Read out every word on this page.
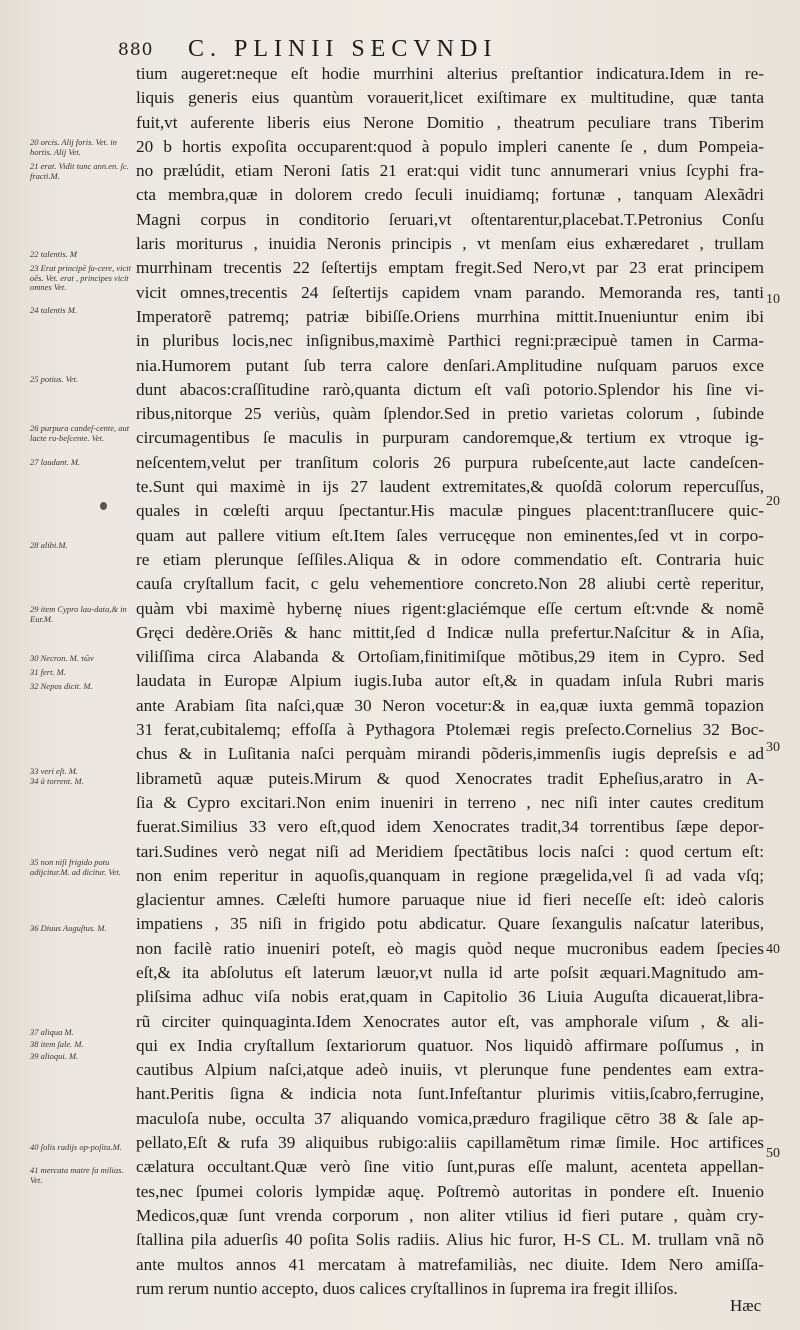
880 C. PLINII SECVNDI
tium augeret:neque eſt hodie murrhini alterius preſtantior indicatura.Idem in re-
liquis generis eius quantùm vorauerit,licet exiſtimare ex multitudine, quæ tanta
fuit,vt auferente liberis eius Nerone Domitio , theatrum peculiare trans Tiberim
20 b hortis expoſita occuparent:quod à populo impleri canente ſe , dum Pompeia-
no prælúdit, etiam Neroni ſatis 21 erat:qui vidit tunc annumerari vnius ſcyphi fra-
cta membra,quæ in dolorem credo ſeculi inuidiamq; fortunæ , tanquam Alexãdri
Magni corpus in conditorio ſeruari,vt oſtentarentur,placebat.T.Petronius Conſu
laris moriturus , inuidia Neronis principis , vt menſam eius exhæredaret , trullam
murrhinam trecentis 22 ſeſtertijs emptam fregit.Sed Nero,vt par 23 erat principem
vicit omnes,trecentis 24 ſeſtertijs capidem vnam parando. Memoranda res, tanti
Imperatorẽ patremq; patriæ bibiſſe.Oriens murrhina mittit.Inueniuntur enim ibi
in pluribus locis,nec inſignibus,maximè Parthici regni:præcipuè tamen in Carma-
nia.Humorem putant ſub terra calore denſari.Amplitudine nuſquam paruos exce
dunt abacos:craſſitudine rarò,quanta dictum eſt vaſi potorio.Splendor his ſine vi-
ribus,nitorque 25 veriùs, quàm ſplendor.Sed in pretio varietas colorum , ſubinde
circumagentibus ſe maculis in purpuram candoremque,& tertium ex vtroque ig-
neſcentem,velut per tranſitum coloris 26 purpura rubeſcente,aut lacte candeſcen-
te.Sunt qui maximè in ijs 27 laudent extremitates,& quoſdã colorum repercuſſus,
quales in cœleſti arquu ſpectantur.His maculæ pingues placent:tranſlucere quic-
quam aut pallere vitium eſt.Item ſales verrucęque non eminentes,ſed vt in corpo-
re etiam plerunque ſeſſiles.Aliqua & in odore commendatio eſt. Contraria huic
cauſa cryſtallum facit, c gelu vehementiore concreto.Non 28 aliubi certè reperitur,
quàm vbi maximè hybernę niues rigent:glaciémque eſſe certum eſt:vnde & nomẽ
Gręci dedère.Oriẽs & hanc mittit,ſed d Indicæ nulla prefertur.Naſcitur & in Aſia,
viliſſima circa Alabanda & Ortoſiam,finitimiſque mõtibus,29 item in Cypro. Sed
laudata in Europæ Alpium iugis.Iuba autor eſt,& in quadam inſula Rubri maris
ante Arabiam ſita naſci,quæ 30 Neron vocetur:& in ea,quæ iuxta gemmã topazion
31 ferat,cubitalemq; effoſſa à Pythagora Ptolemæi regis preſecto.Cornelius 32 Boc-
chus & in Luſitania naſci perquàm mirandi põderis,immenſis iugis depreſsis e ad
librametũ aquæ puteis.Mirum & quod Xenocrates tradit Epheſius,aratro in A-
ſia & Cypro excitari.Non enim inueniri in terreno , nec niſi inter cautes creditum
fuerat.Similius 33 vero eſt,quod idem Xenocrates tradit,34 torrentibus ſæpe depor-
tari.Sudines verò negat niſi ad Meridiem ſpectãtibus locis naſci : quod certum eſt:
non enim reperitur in aquoſis,quanquam in regione prægelida,vel ſi ad vada vſq;
glacientur amnes. Cæleſti humore paruaque niue id fieri neceſſe eſt: ideò caloris
impatiens , 35 niſi in frigido potu abdicatur. Quare ſexangulis naſcatur lateribus,
non facilè ratio inueniri poteſt, eò magis quòd neque mucronibus eadem ſpecies
eſt,& ita abſolutus eſt laterum læuor,vt nulla id arte poſsit æquari.Magnitudo am-
pliſsima adhuc viſa nobis erat,quam in Capitolio 36 Liuia Auguſta dicauerat,libra-
rũ circiter quinquaginta.Idem Xenocrates autor eſt, vas amphorale viſum , & ali-
qui ex India cryſtallum ſextariorum quatuor. Nos liquidò affirmare poſſumus , in
cautibus Alpium naſci,atque adeò inuiis, vt plerunque fune pendentes eam extra-
hant.Peritis ſigna & indicia nota ſunt.Infeſtantur plurimis vitiis,ſcabro,ferrugine,
maculoſa nube, occulta 37 aliquando vomica,præduro fragilique cētro 38 & ſale ap-
pellato,Eſt & rufa 39 aliquibus rubigo:aliis capillamẽtum rimæ ſimile. Hoc artifices
cælatura occultant.Quæ verò ſine vitio ſunt,puras eſſe malunt, acenteta appellan-
tes,nec ſpumei coloris lympidæ aquę. Poſtremò autoritas in pondere eſt. Inuenio
Medicos,quæ ſunt vrenda corporum , non aliter vtilius id fieri putare , quàm cry-
ſtallina pila aduerſis 40 poſita Solis radiis. Alius hic furor, H-S CL. M. trullam vnã nõ
ante multos annos 41 mercatam à matrefamiliàs, nec diuite. Idem Nero amiſſa-
rum rerum nuntio accepto, duos calices cryſtallinos in ſuprema ira fregit illiſos.
20 orcis. Alij foris. Vet. in hortis. Alij Vet.
21 erat. Vidit tunc ann.en. ſc. fracti.M.
22 talentis. M
23 Erat principē fa-cere, vicit oēs. Vet. erat , principes vicit omnes Vet.
24 talentis M.
25 potius. Vet.
26 purpura candeſ-cente, aut lacte ru-beſcente. Vet.
27 laudant. M.
28 alibi.M.
29 item Cypro lau-data,& in Eur.M.
30 Necron. M. τῶν
31 fert. M.
32 Nepos dicit. M.
33 veri eſt. M.
34 à torrent. M.
35 non niſi frigido potu adijcitur.M. ad dicitur. Vet.
36 Diuus Auguſtus. M.
37 aliqua M.
38 item ſale. M.
39 alioqui. M.
40 ſolis radijs op-poſita.M.
41 mercata matre fa milias. Vet.
10
20
30
40
50
Hæc
